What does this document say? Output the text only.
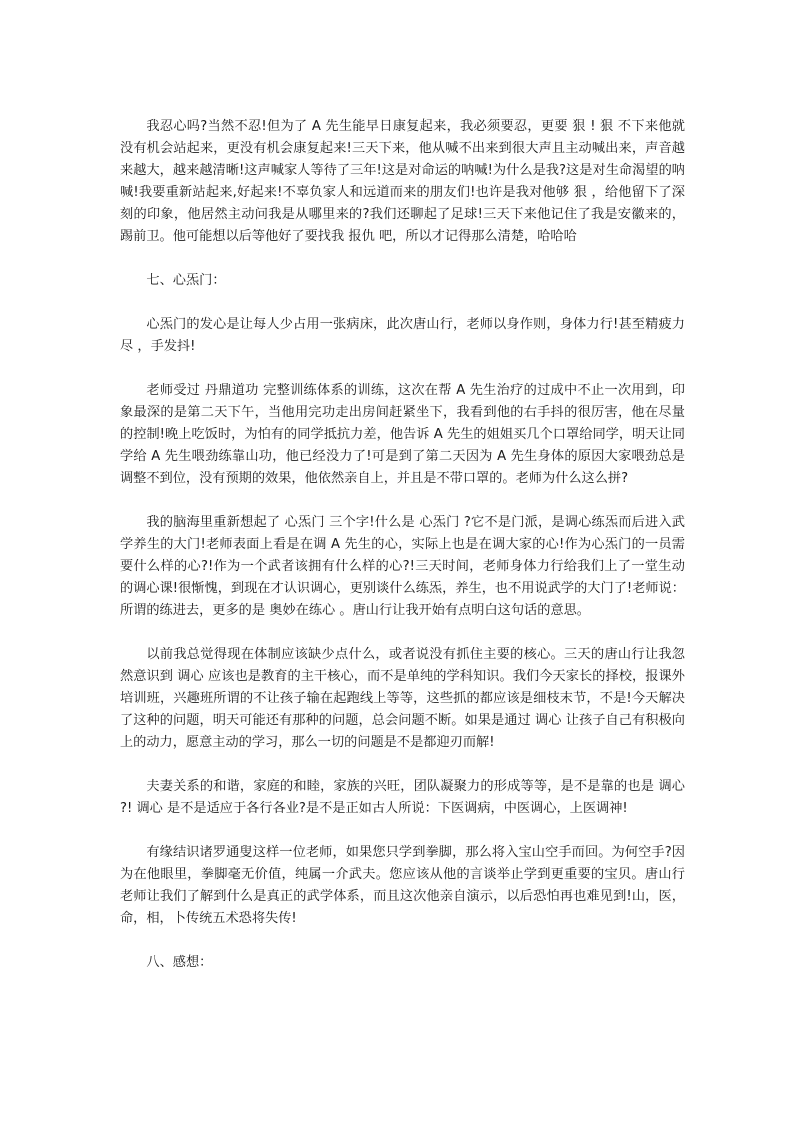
我忍心吗?当然不忍!但为了 A 先生能早日康复起来，我必须要忍，更要 狠 ! 狠 不下来他就没有机会站起来，更没有机会康复起来!三天下来，他从喊不出来到很大声且主动喊出来，声音越来越大，越来越清晰!这声喊家人等待了三年!这是对命运的呐喊!为什么是我?这是对生命渴望的呐喊!我要重新站起来,好起来!不辜负家人和远道而来的朋友们!也许是我对他够 狠 ，给他留下了深刻的印象，他居然主动问我是从哪里来的?我们还聊起了足球!三天下来他记住了我是安徽来的，踢前卫。他可能想以后等他好了要找我 报仇 吧，所以才记得那么清楚，哈哈哈

七、心炁门：

心炁门的发心是让每人少占用一张病床，此次唐山行，老师以身作则，身体力行!甚至精疲力尽 ，手发抖!

老师受过 丹鼎道功 完整训练体系的训练，这次在帮 A 先生治疗的过成中不止一次用到，印象最深的是第二天下午，当他用完功走出房间赶紧坐下，我看到他的右手抖的很厉害，他在尽量的控制!晚上吃饭时，为怕有的同学抵抗力差，他告诉 A 先生的姐姐买几个口罩给同学，明天让同学给 A 先生喂劲练靠山功，他已经没力了!可是到了第二天因为 A 先生身体的原因大家喂劲总是调整不到位，没有预期的效果，他依然亲自上，并且是不带口罩的。老师为什么这么拼?

我的脑海里重新想起了 心炁门 三个字!什么是 心炁门 ?它不是门派，是调心练炁而后进入武学养生的大门!老师表面上看是在调 A 先生的心，实际上也是在调大家的心!作为心炁门的一员需要什么样的心?!作为一个武者该拥有什么样的心?!三天时间，老师身体力行给我们上了一堂生动的调心课!很惭愧，到现在才认识调心，更别谈什么练炁，养生，也不用说武学的大门了!老师说：所谓的练进去，更多的是 奥妙在练心 。唐山行让我开始有点明白这句话的意思。

以前我总觉得现在体制应该缺少点什么，或者说没有抓住主要的核心。三天的唐山行让我忽然意识到 调心 应该也是教育的主干核心，而不是单纯的学科知识。我们今天家长的择校，报课外培训班，兴趣班所谓的不让孩子输在起跑线上等等，这些抓的都应该是细枝末节，不是!今天解决了这种的问题，明天可能还有那种的问题，总会问题不断。如果是通过 调心 让孩子自己有积极向上的动力，愿意主动的学习，那么一切的问题是不是都迎刃而解!

夫妻关系的和谐，家庭的和睦，家族的兴旺，团队凝聚力的形成等等，是不是靠的也是 调心 ?! 调心 是不是适应于各行各业?是不是正如古人所说：下医调病，中医调心，上医调神!

有缘结识诸罗通叟这样一位老师，如果您只学到拳脚，那么将入宝山空手而回。为何空手?因为在他眼里，拳脚毫无价值，纯属一介武夫。您应该从他的言谈举止学到更重要的宝贝。唐山行老师让我们了解到什么是真正的武学体系，而且这次他亲自演示，以后恐怕再也难见到!山，医，命，相，卜传统五术恐将失传!

八、感想：
